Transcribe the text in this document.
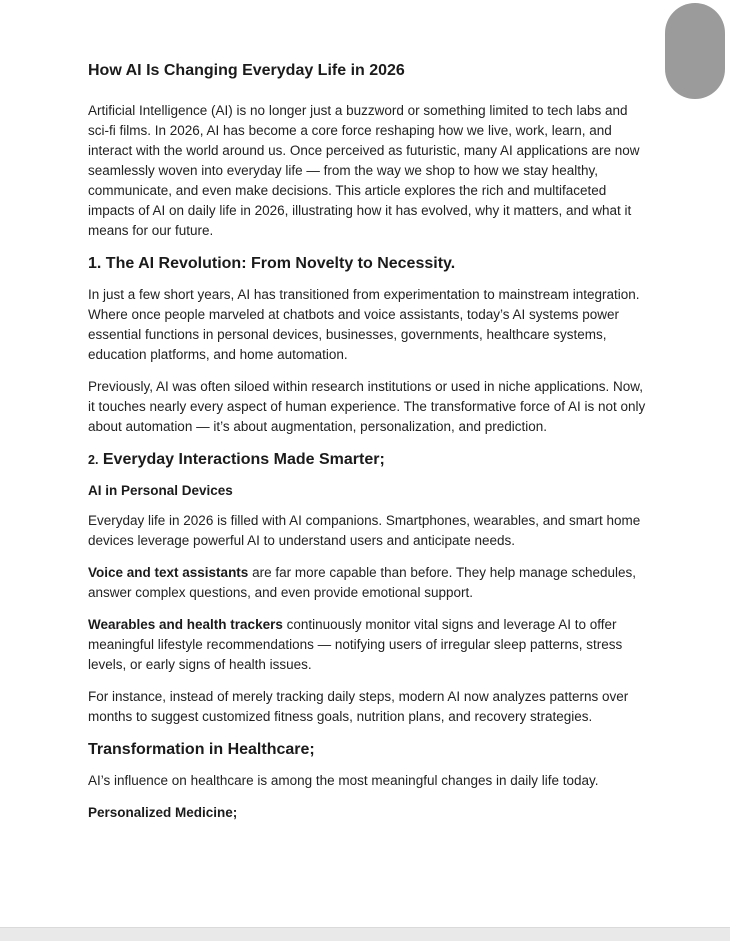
How AI Is Changing Everyday Life in 2026

Artificial Intelligence (AI) is no longer just a buzzword or something limited to tech labs and sci-fi films. In 2026, AI has become a core force reshaping how we live, work, learn, and interact with the world around us. Once perceived as futuristic, many AI applications are now seamlessly woven into everyday life — from the way we shop to how we stay healthy, communicate, and even make decisions. This article explores the rich and multifaceted impacts of AI on daily life in 2026, illustrating how it has evolved, why it matters, and what it means for our future.

1. The AI Revolution: From Novelty to Necessity.

In just a few short years, AI has transitioned from experimentation to mainstream integration. Where once people marveled at chatbots and voice assistants, today’s AI systems power essential functions in personal devices, businesses, governments, healthcare systems, education platforms, and home automation.

Previously, AI was often siloed within research institutions or used in niche applications. Now, it touches nearly every aspect of human experience. The transformative force of AI is not only about automation — it’s about augmentation, personalization, and prediction.

2. Everyday Interactions Made Smarter;
AI in Personal Devices

Everyday life in 2026 is filled with AI companions. Smartphones, wearables, and smart home devices leverage powerful AI to understand users and anticipate needs.

Voice and text assistants are far more capable than before. They help manage schedules, answer complex questions, and even provide emotional support.

Wearables and health trackers continuously monitor vital signs and leverage AI to offer meaningful lifestyle recommendations — notifying users of irregular sleep patterns, stress levels, or early signs of health issues.

For instance, instead of merely tracking daily steps, modern AI now analyzes patterns over months to suggest customized fitness goals, nutrition plans, and recovery strategies.

Transformation in Healthcare;

AI’s influence on healthcare is among the most meaningful changes in daily life today.

Personalized Medicine;
